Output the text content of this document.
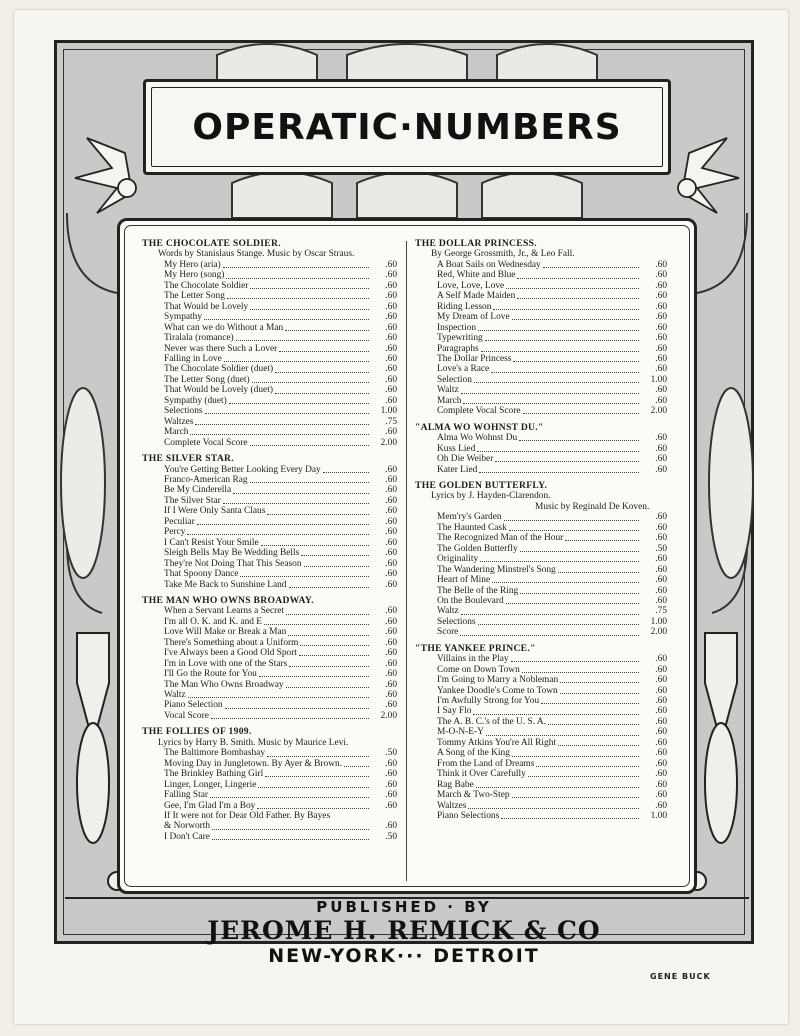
OPERATIC·NUMBERS
THE CHOCOLATE SOLDIER.
Words by Stanislaus Stange. Music by Oscar Straus.
My Hero (aria)	.60
My Hero (song)	.60
The Chocolate Soldier	.60
The Letter Song	.60
That Would be Lovely	.60
Sympathy	.60
What can we do Without a Man	.60
Tiralala (romance)	.60
Never was there Such a Lover	.60
Falling in Love	.60
The Chocolate Soldier (duet)	.60
The Letter Song (duet)	.60
That Would be Lovely (duet)	.60
Sympathy (duet)	.60
Selections	1.00
Waltzes	.75
March	.60
Complete Vocal Score	2.00
THE SILVER STAR.
You're Getting Better Looking Every Day	.60
Franco-American Rag	.60
Be My Cinderella	.60
The Silver Star	.60
If I Were Only Santa Claus	.60
Peculiar	.60
Percy	.60
I Can't Resist Your Smile	.60
Sleigh Bells May Be Wedding Bells	.60
They're Not Doing That This Season	.60
That Spoony Dance	.60
Take Me Back to Sunshine Land	.60
THE MAN WHO OWNS BROADWAY.
When a Servant Learns a Secret	.60
I'm all O. K. and K. and E	.60
Love Will Make or Break a Man	.60
There's Something about a Uniform	.60
I've Always been a Good Old Sport	.60
I'm in Love with one of the Stars	.60
I'll Go the Route for You	.60
The Man Who Owns Broadway	.60
Waltz	.60
Piano Selection	.60
Vocal Score	2.00
THE FOLLIES OF 1909.
Lyrics by Harry B. Smith. Music by Maurice Levi.
The Baltimore Bombashay	.50
Moving Day in Jungletown. By Ayer & Brown.	.60
The Brinkley Bathing Girl	.60
Linger, Longer, Lingerie	.60
Falling Star	.60
Gee, I'm Glad I'm a Boy	.60
If It were not for Dear Old Father. By Bayes
& Norworth	.60
I Don't Care	.50
THE DOLLAR PRINCESS.
By George Grossmith, Jr., & Leo Fall.
A Boat Sails on Wednesday	.60
Red, White and Blue	.60
Love, Love, Love	.60
A Self Made Maiden	.60
Riding Lesson	.60
My Dream of Love	.60
Inspection	.60
Typewriting	.60
Paragraphs	.60
The Dollar Princess	.60
Love's a Race	.60
Selection	1.00
Waltz	.60
March	.60
Complete Vocal Score	2.00
"ALMA WO WOHNST DU."
Alma Wo Wohnst Du	.60
Kuss Lied	.60
Oh Die Weiber	.60
Kater Lied	.60
THE GOLDEN BUTTERFLY.
Lyrics by J. Hayden-Clarendon.
Music by Reginald De Koven.
Mem'ry's Garden	.60
The Haunted Cask	.60
The Recognized Man of the Hour	.60
The Golden Butterfly	.50
Originality	.60
The Wandering Minstrel's Song	.60
Heart of Mine	.60
The Belle of the Ring	.60
On the Boulevard	.60
Waltz	.75
Selections	1.00
Score	2.00
"THE YANKEE PRINCE."
Villains in the Play	.60
Come on Down Town	.60
I'm Going to Marry a Nobleman	.60
Yankee Doodle's Come to Town	.60
I'm Awfully Strong for You	.60
I Say Flo	.60
The A. B. C.'s of the U. S. A.	.60
M-O-N-E-Y	.60
Tommy Atkins You're All Right	.60
A Song of the King	.60
From the Land of Dreams	.60
Think it Over Carefully	.60
Rag Babe	.60
March & Two-Step	.60
Waltzes	.60
Piano Selections	1.00
PUBLISHED · BY
JEROME H. REMICK & CO
NEW-YORK··· DETROIT
GENE BUCK
